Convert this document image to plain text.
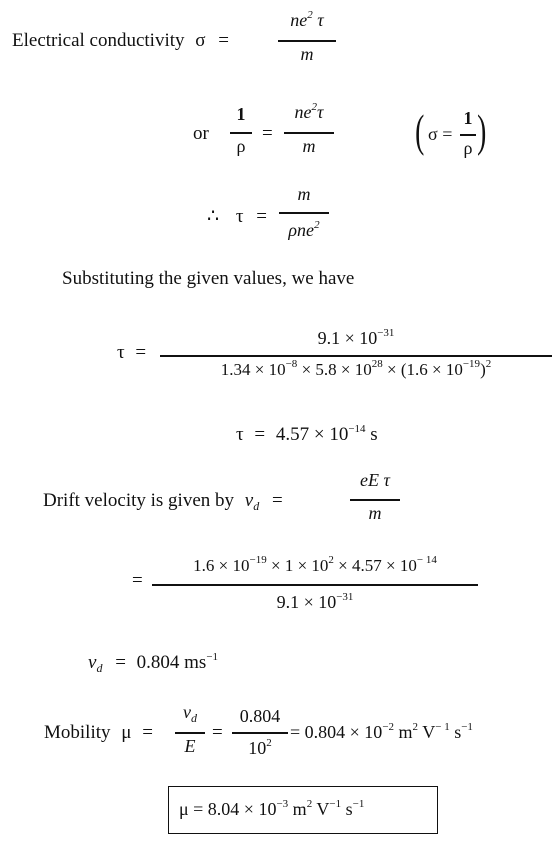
Electrical conductivity σ =
$ne^2$ τ
m
or
1
ρ
=
$ne^2\tau$
m	( σ =
1
ρ )
∴ τ =
m
ρne$^2$
Substituting the given values, we have
τ =
$9.1 \times 10^{-31}$
$1.34 \times 10^{-8} \times 5.8 \times 10^{28} \times (1.6 \times 10^{-19})^2$
$\tau = 4.57 \times 10^{-14}$ s
Drift velocity is given by $v_d$ =
eE τ
m
=
$1.6 \times 10^{-19} \times 1 \times 10^2 \times 4.57 \times 10^{- 14}$
$9.1 \times 10^{-31}$
$v_d = 0.804$ $ms^{-1}$
Mobility μ =
$v_d$
E
=
0.804
$10^2$
= $0.804 \times 10^{-2}$ $m^2$ $V^{- 1}$ $s^{-1}$
$\mu = 8.04 \times 10^{-3}$ $m^2$ $V^{-1}$ $s^{-1}$
